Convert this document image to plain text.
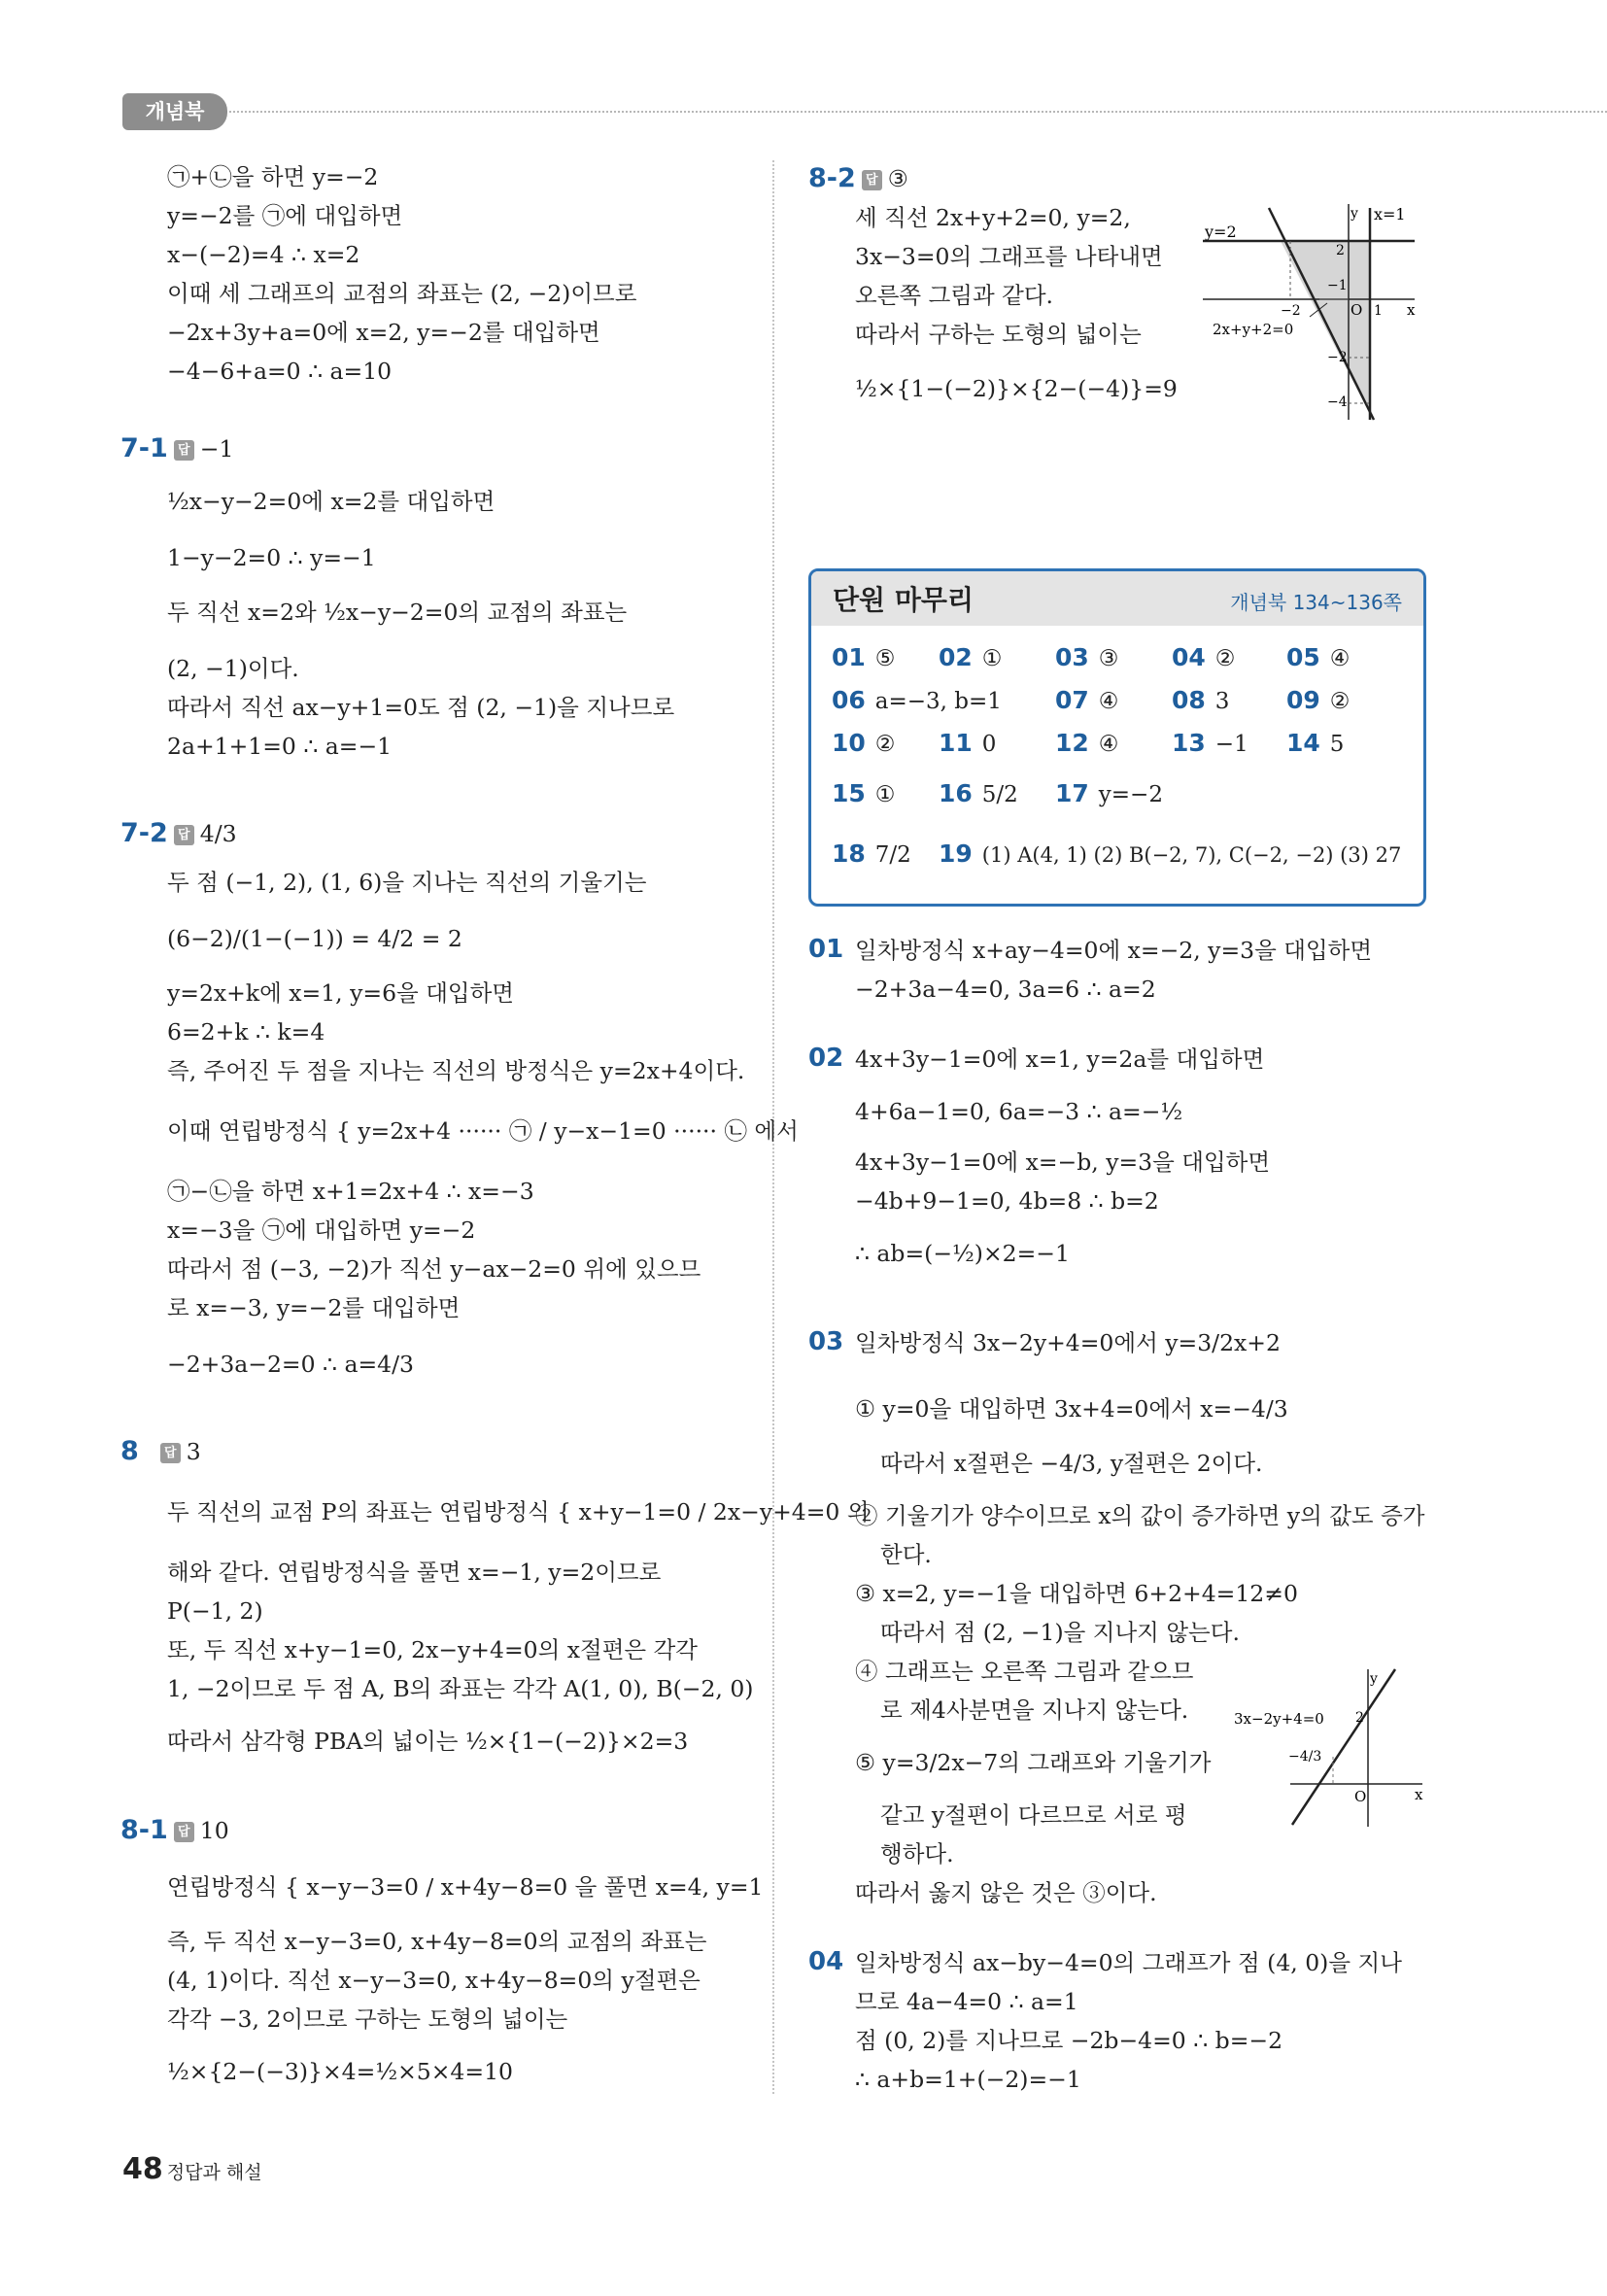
개념북
㉠+㉡을 하면 y=−2
y=−2를 ㉠에 대입하면
x−(−2)=4 ∴ x=2
이때 세 그래프의 교점의 좌표는 (2, −2)이므로
−2x+3y+a=0에 x=2, y=−2를 대입하면
−4−6+a=0 ∴ a=10
7-1 답 −1
½x−y−2=0에 x=2를 대입하면
1−y−2=0 ∴ y=−1
두 직선 x=2와 ½x−y−2=0의 교점의 좌표는
(2, −1)이다.
따라서 직선 ax−y+1=0도 점 (2, −1)을 지나므로
2a+1+1=0 ∴ a=−1
7-2 답 4/3
두 점 (−1, 2), (1, 6)을 지나는 직선의 기울기는
(6−2)/(1−(−1)) = 4/2 = 2
y=2x+k에 x=1, y=6을 대입하면
6=2+k ∴ k=4
즉, 주어진 두 점을 지나는 직선의 방정식은 y=2x+4이다.
이때 연립방정식 { y=2x+4 ······ ㉠ / y−x−1=0 ······ ㉡ 에서
㉠−㉡을 하면 x+1=2x+4 ∴ x=−3
x=−3을 ㉠에 대입하면 y=−2
따라서 점 (−3, −2)가 직선 y−ax−2=0 위에 있으므
로 x=−3, y=−2를 대입하면
−2+3a−2=0 ∴ a=4/3
8 답 3
두 직선의 교점 P의 좌표는 연립방정식 { x+y−1=0 / 2x−y+4=0 의
해와 같다. 연립방정식을 풀면 x=−1, y=2이므로
P(−1, 2)
또, 두 직선 x+y−1=0, 2x−y+4=0의 x절편은 각각
1, −2이므로 두 점 A, B의 좌표는 각각 A(1, 0), B(−2, 0)
따라서 삼각형 PBA의 넓이는 ½×{1−(−2)}×2=3
8-1 답 10
연립방정식 { x−y−3=0 / x+4y−8=0 을 풀면 x=4, y=1
즉, 두 직선 x−y−3=0, x+4y−8=0의 교점의 좌표는
(4, 1)이다. 직선 x−y−3=0, x+4y−8=0의 y절편은
각각 −3, 2이므로 구하는 도형의 넓이는
½×{2−(−3)}×4=½×5×4=10
8-2 답 ③
세 직선 2x+y+2=0, y=2,
3x−3=0의 그래프를 나타내면
오른쪽 그림과 같다.
따라서 구하는 도형의 넓이는
½×{1−(−2)}×{2−(−4)}=9
y=2
x=1
y
x
2
−1
−2	O 1
2x+y+2=0
−2
−4
단원 마무리	개념북 134~136쪽
01 ⑤ 02 ① 03 ③ 04 ② 05 ④
06 a=−3, b=1 07 ④ 08 3 09 ②
10 ② 11 0 12 ④ 13 −1 14 5
15 ① 16 5/2 17 y=−2
18 7/2 19 (1) A(4, 1) (2) B(−2, 7), C(−2, −2) (3) 27
01 일차방정식 x+ay−4=0에 x=−2, y=3을 대입하면
−2+3a−4=0, 3a=6 ∴ a=2
02 4x+3y−1=0에 x=1, y=2a를 대입하면
4+6a−1=0, 6a=−3 ∴ a=−½
4x+3y−1=0에 x=−b, y=3을 대입하면
−4b+9−1=0, 4b=8 ∴ b=2
∴ ab=(−½)×2=−1
03 일차방정식 3x−2y+4=0에서 y=3/2x+2
① y=0을 대입하면 3x+4=0에서 x=−4/3
따라서 x절편은 −4/3, y절편은 2이다.
② 기울기가 양수이므로 x의 값이 증가하면 y의 값도 증가
한다.
③ x=2, y=−1을 대입하면 6+2+4=12≠0
따라서 점 (2, −1)을 지나지 않는다.
④ 그래프는 오른쪽 그림과 같으므
로 제4사분면을 지나지 않는다.
⑤ y=3/2x−7의 그래프와 기울기가
같고 y절편이 다르므로 서로 평
행하다.
따라서 옳지 않은 것은 ③이다.
y
x
2
3x−2y+4=0
−4/3
O
04 일차방정식 ax−by−4=0의 그래프가 점 (4, 0)을 지나
므로 4a−4=0 ∴ a=1
점 (0, 2)를 지나므로 −2b−4=0 ∴ b=−2
∴ a+b=1+(−2)=−1
48 정답과 해설
